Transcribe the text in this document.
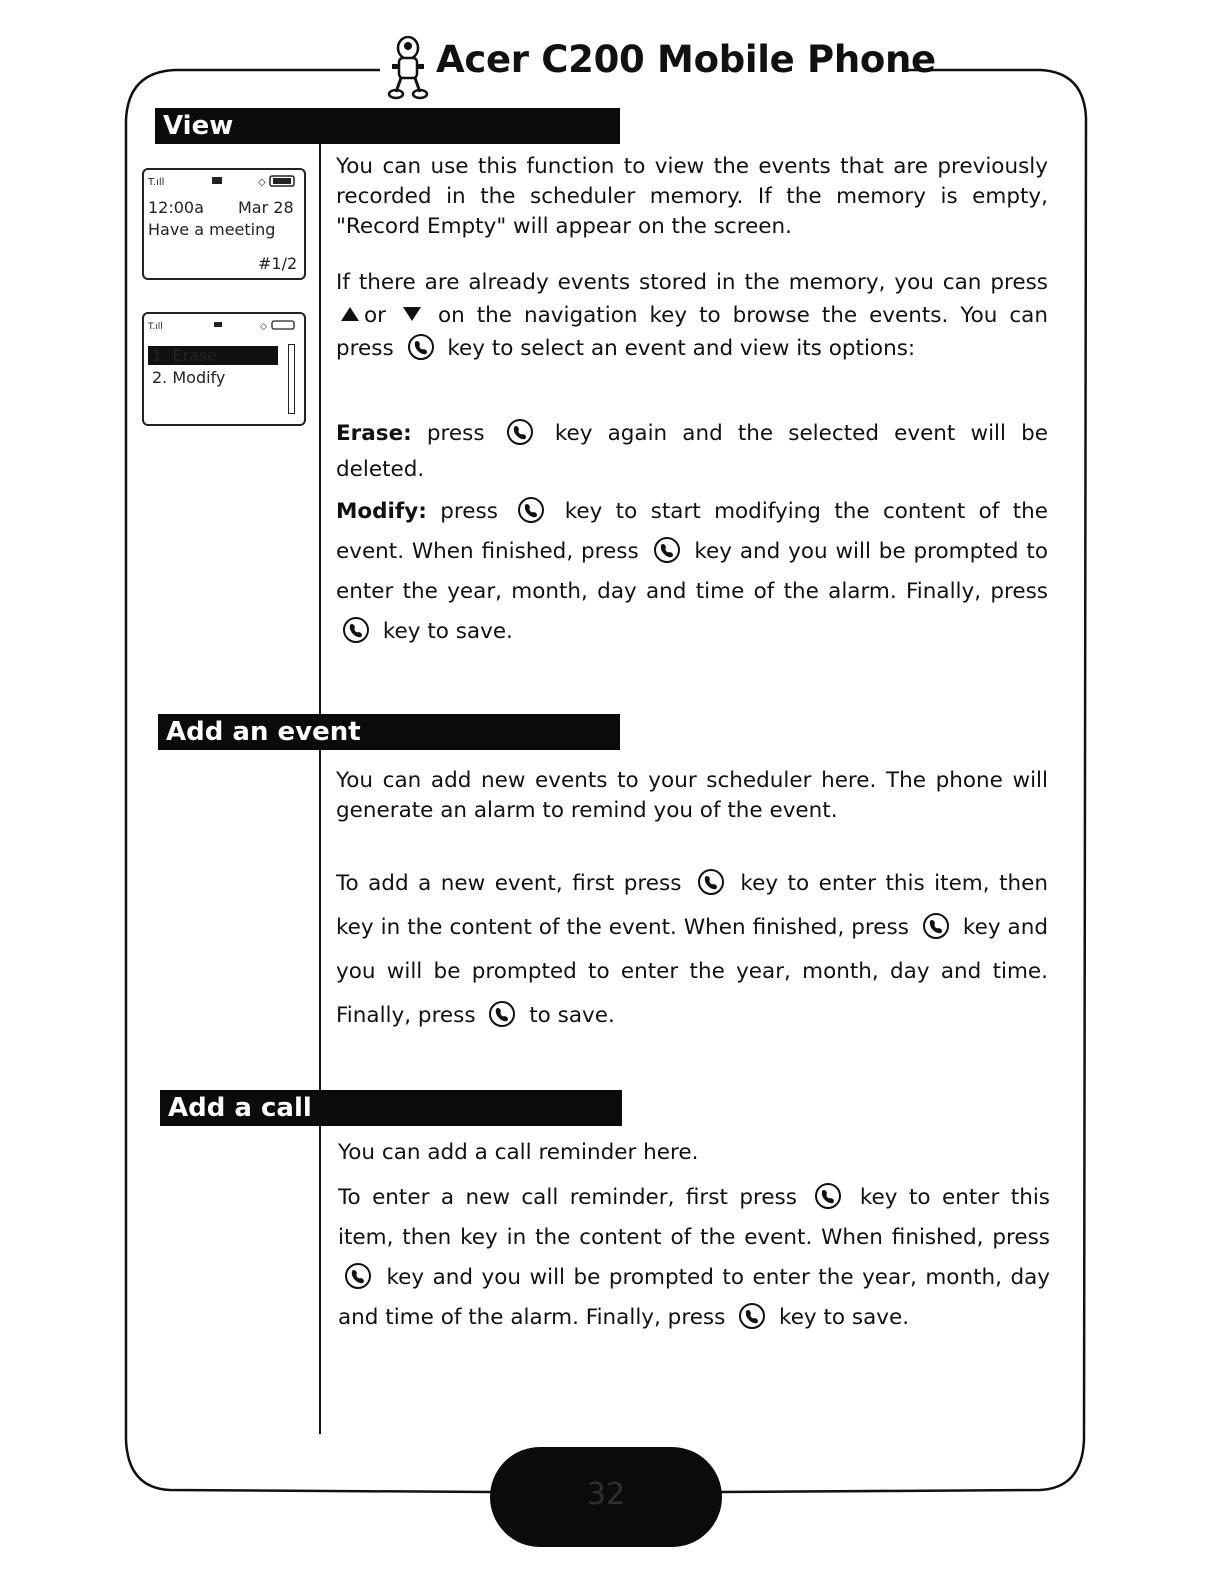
Acer C200 Mobile Phone
View
T.ıll	◇
12:00a Mar 28
Have a meeting
#1/2
T.ıll	◇
1. Erase
2. Modify
You can use this function to view the events that are previously recorded in the scheduler memory. If the memory is empty, "Record Empty" will appear on the screen.
If there are already events stored in the memory, you can press
or on the navigation key to browse the events. You can press key to select an event and view its options:
Erase: press	key again and the selected event will be deleted.
Modify: press	key to start modifying the content of the event. When finished, press	key and you will be prompted to enter the year, month, day and time of the alarm. Finally, press
key to save.
Add an event
You can add new events to your scheduler here. The phone will generate an alarm to remind you of the event.
To add a new event, first press	key to enter this item, then key in the content of the event. When finished, press	key and you will be prompted to enter the year, month, day and time. Finally, press to save.
Add a call
You can add a call reminder here.
To enter a new call reminder, first press	key to enter this item, then key in the content of the event. When finished, press
key and you will be prompted to enter the year, month, day and time of the alarm. Finally, press key to save.
32
